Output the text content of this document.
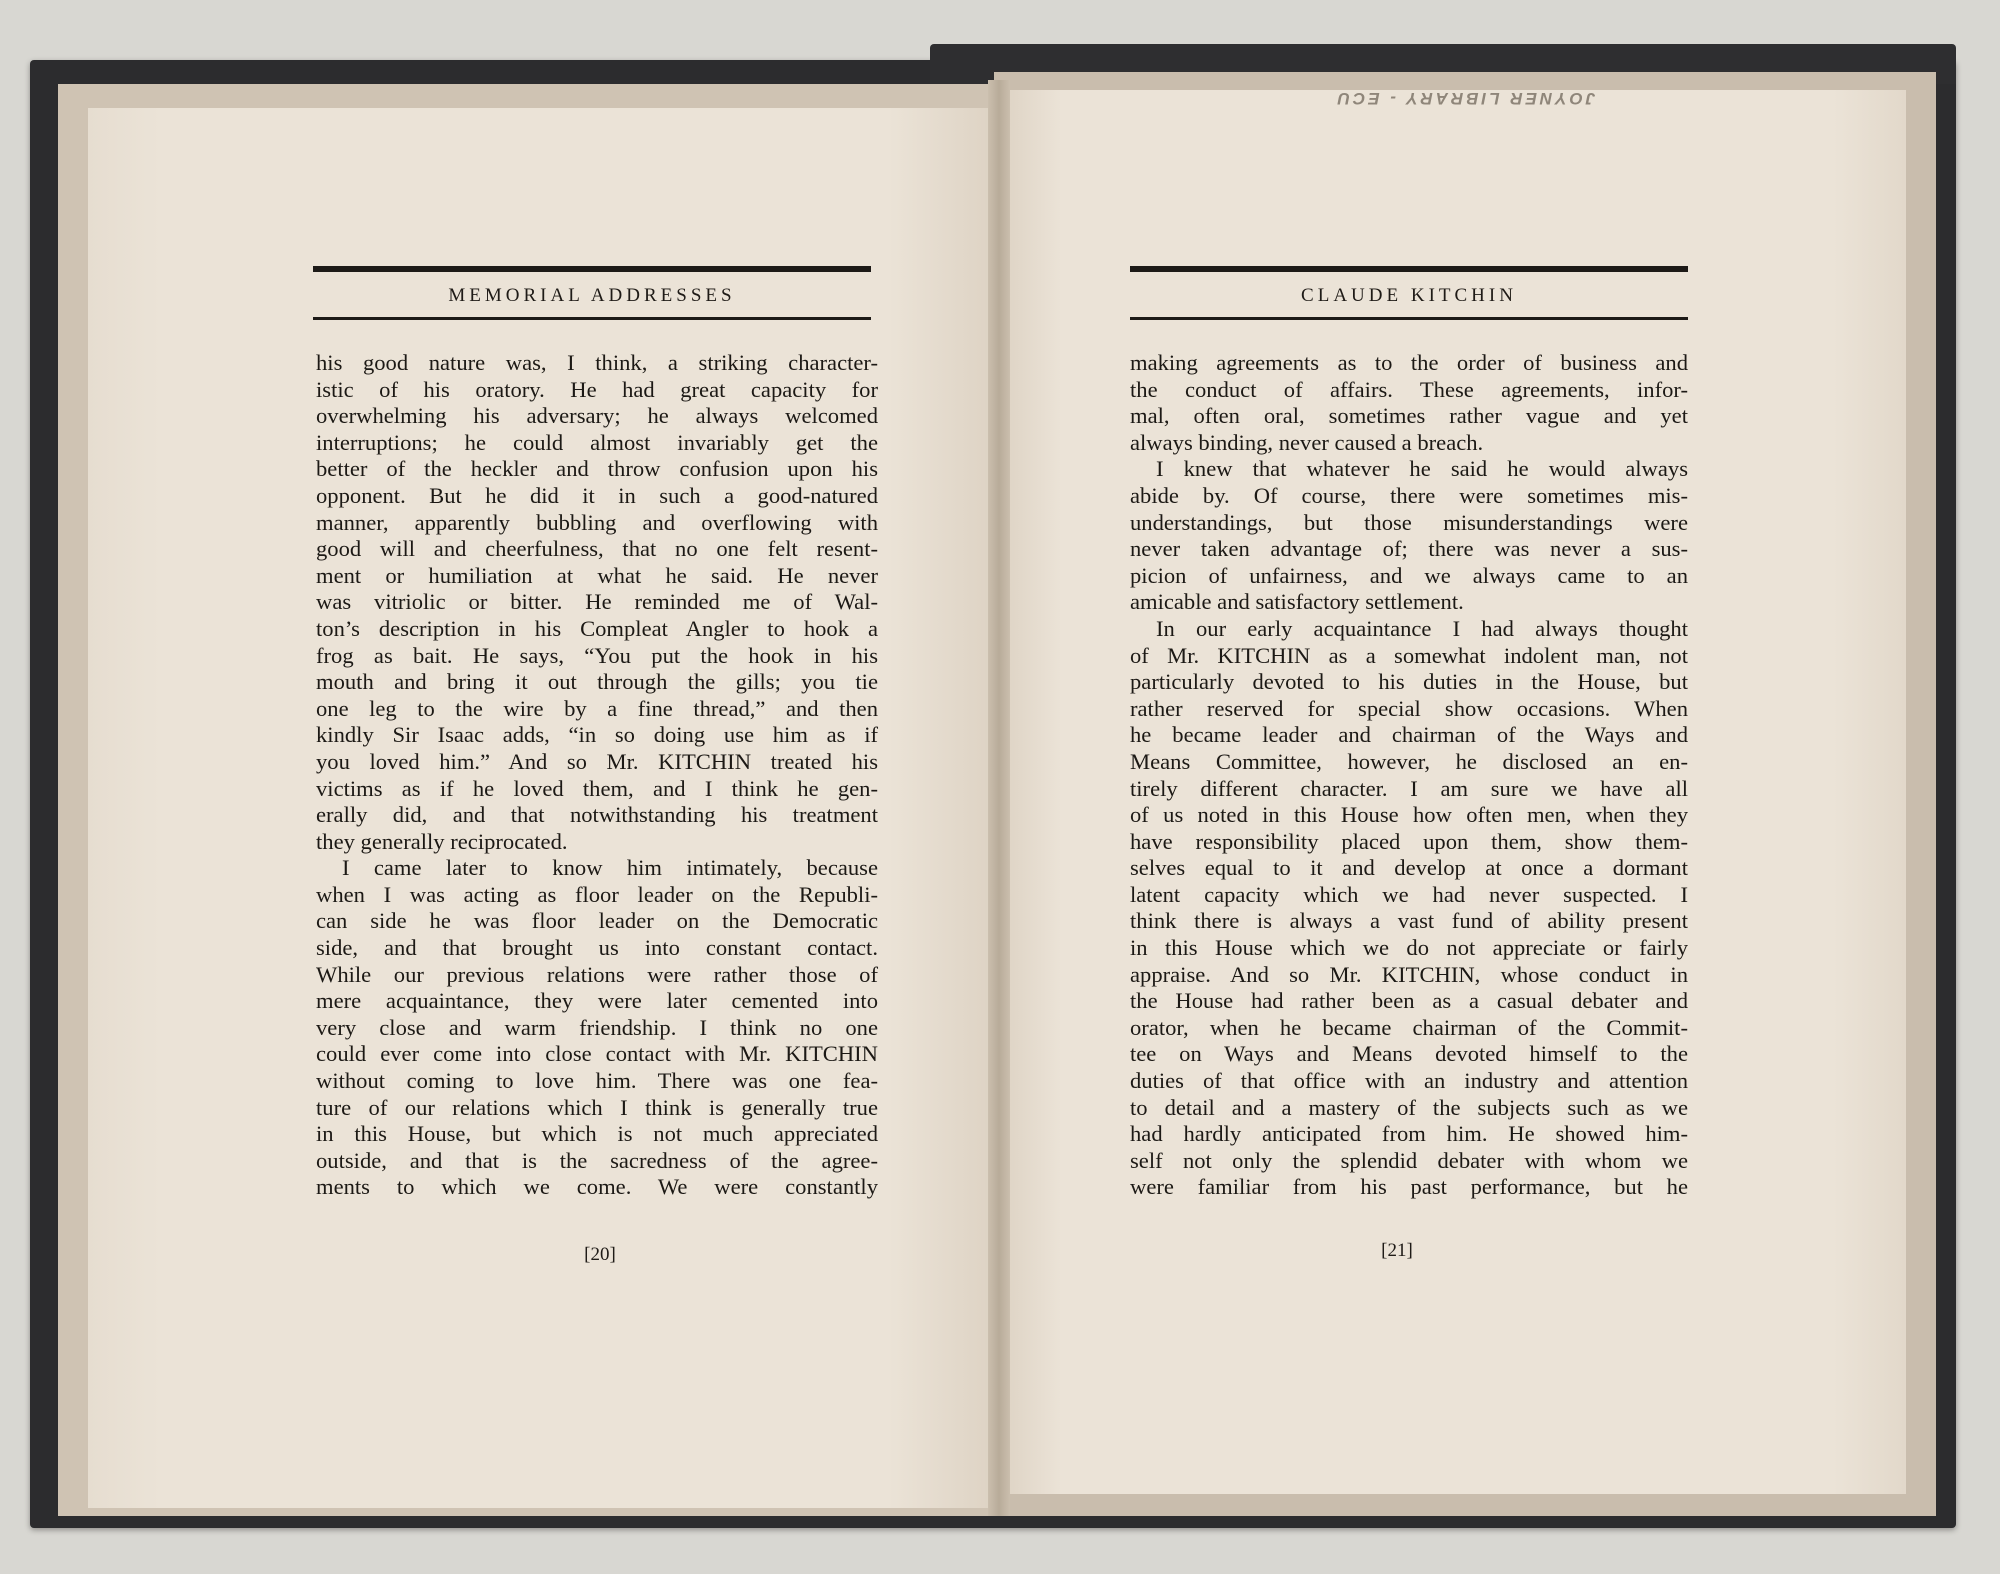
JOYNER LIBRARY - ECU
MEMORIAL ADDRESSES	CLAUDE KITCHIN
his good nature was, I think, a striking character-
istic of his oratory. He had great capacity for
overwhelming his adversary; he always welcomed
interruptions; he could almost invariably get the
better of the heckler and throw confusion upon his
opponent. But he did it in such a good-natured
manner, apparently bubbling and overflowing with
good will and cheerfulness, that no one felt resent-
ment or humiliation at what he said. He never
was vitriolic or bitter. He reminded me of Wal-
ton’s description in his Compleat Angler to hook a
frog as bait. He says, “You put the hook in his
mouth and bring it out through the gills; you tie
one leg to the wire by a fine thread,” and then
kindly Sir Isaac adds, “in so doing use him as if
you loved him.” And so Mr. KITCHIN treated his
victims as if he loved them, and I think he gen-
erally did, and that notwithstanding his treatment
they generally reciprocated.
I came later to know him intimately, because
when I was acting as floor leader on the Republi-
can side he was floor leader on the Democratic
side, and that brought us into constant contact.
While our previous relations were rather those of
mere acquaintance, they were later cemented into
very close and warm friendship. I think no one
could ever come into close contact with Mr. KITCHIN
without coming to love him. There was one fea-
ture of our relations which I think is generally true
in this House, but which is not much appreciated
outside, and that is the sacredness of the agree-
ments to which we come. We were constantly
making agreements as to the order of business and
the conduct of affairs. These agreements, infor-
mal, often oral, sometimes rather vague and yet
always binding, never caused a breach.
I knew that whatever he said he would always
abide by. Of course, there were sometimes mis-
understandings, but those misunderstandings were
never taken advantage of; there was never a sus-
picion of unfairness, and we always came to an
amicable and satisfactory settlement.
In our early acquaintance I had always thought
of Mr. KITCHIN as a somewhat indolent man, not
particularly devoted to his duties in the House, but
rather reserved for special show occasions. When
he became leader and chairman of the Ways and
Means Committee, however, he disclosed an en-
tirely different character. I am sure we have all
of us noted in this House how often men, when they
have responsibility placed upon them, show them-
selves equal to it and develop at once a dormant
latent capacity which we had never suspected. I
think there is always a vast fund of ability present
in this House which we do not appreciate or fairly
appraise. And so Mr. KITCHIN, whose conduct in
the House had rather been as a casual debater and
orator, when he became chairman of the Commit-
tee on Ways and Means devoted himself to the
duties of that office with an industry and attention
to detail and a mastery of the subjects such as we
had hardly anticipated from him. He showed him-
self not only the splendid debater with whom we
were familiar from his past performance, but he
[20]	[21]
